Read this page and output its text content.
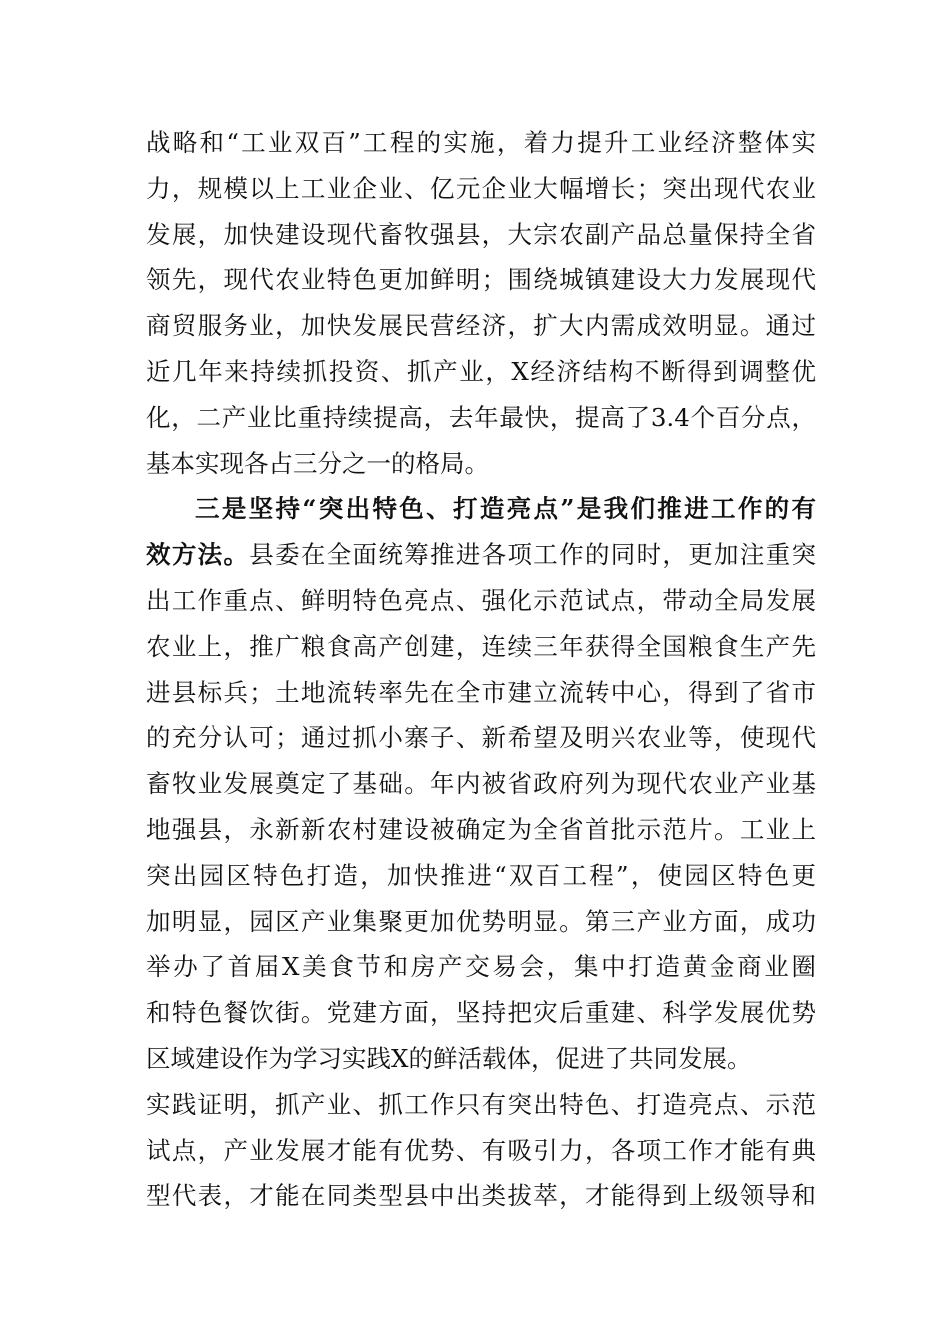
战略和“工业双百”工程的实施，着力提升工业经济整体实
力，规模以上工业企业、亿元企业大幅增长；突出现代农业
发展，加快建设现代畜牧强县，大宗农副产品总量保持全省
领先，现代农业特色更加鲜明；围绕城镇建设大力发展现代
商贸服务业，加快发展民营经济，扩大内需成效明显。通过
近几年来持续抓投资、抓产业，X经济结构不断得到调整优
化，二产业比重持续提高，去年最快，提高了3.4个百分点，
基本实现各占三分之一的格局。
三是坚持“突出特色、打造亮点”是我们推进工作的有
效方法。县委在全面统筹推进各项工作的同时，更加注重突
出工作重点、鲜明特色亮点、强化示范试点，带动全局发展
农业上，推广粮食高产创建，连续三年获得全国粮食生产先
进县标兵；土地流转率先在全市建立流转中心，得到了省市
的充分认可；通过抓小寨子、新希望及明兴农业等，使现代
畜牧业发展奠定了基础。年内被省政府列为现代农业产业基
地强县，永新新农村建设被确定为全省首批示范片。工业上
突出园区特色打造，加快推进“双百工程”，使园区特色更
加明显，园区产业集聚更加优势明显。第三产业方面，成功
举办了首届X美食节和房产交易会，集中打造黄金商业圈
和特色餐饮街。党建方面，坚持把灾后重建、科学发展优势
区域建设作为学习实践X的鲜活载体，促进了共同发展。
实践证明，抓产业、抓工作只有突出特色、打造亮点、示范
试点，产业发展才能有优势、有吸引力，各项工作才能有典
型代表，才能在同类型县中出类拔萃，才能得到上级领导和
